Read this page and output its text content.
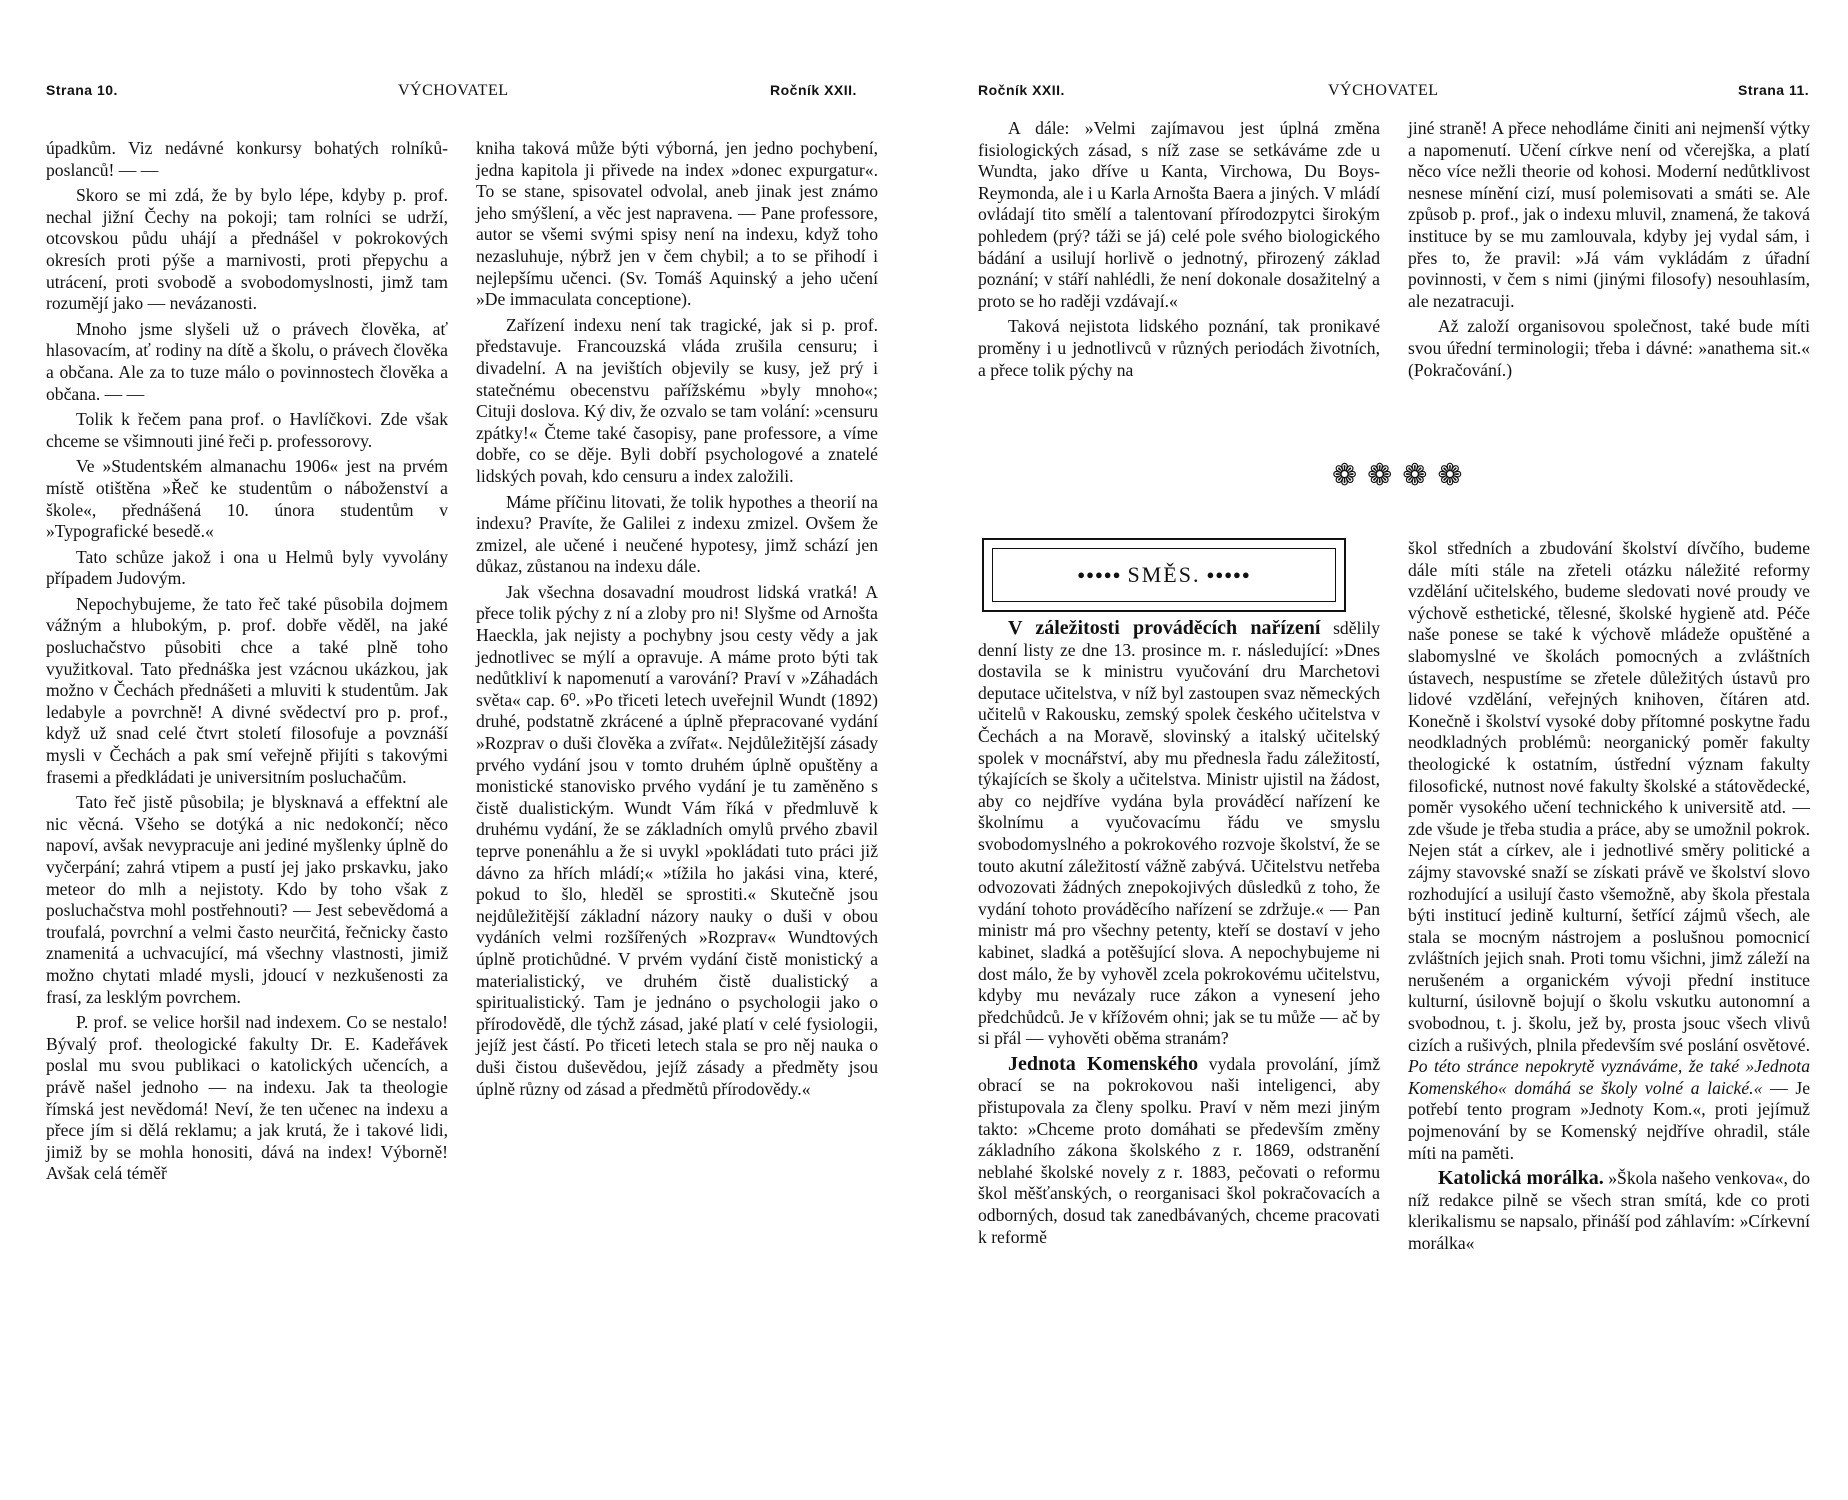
Strana 10.	VÝCHOVATEL	Ročník XXII.

úpadkům. Viz nedávné konkursy bohatých rolníků-poslanců! — —

Skoro se mi zdá, že by bylo lépe, kdyby p. prof. nechal jižní Čechy na pokoji; tam rolníci se udrží, otcovskou půdu uhájí a přednášel v pokrokových okresích proti pýše a marnivosti, proti přepychu a utrácení, proti svobodě a svobodomyslnosti, jimž tam rozumějí jako — nevázanosti.

Mnoho jsme slyšeli už o právech člověka, ať hlasovacím, ať rodiny na dítě a školu, o právech člověka a občana. Ale za to tuze málo o povinnostech člověka a občana. — —

Tolik k řečem pana prof. o Havlíčkovi. Zde však chceme se všimnouti jiné řeči p. professorovy.

Ve »Studentském almanachu 1906« jest na prvém místě otištěna »Řeč ke studentům o náboženství a škole«, přednášená 10. února studentům v »Typografické besedě.«

Tato schůze jakož i ona u Helmů byly vyvolány případem Judovým.

Nepochybujeme, že tato řeč také působila dojmem vážným a hlubokým, p. prof. dobře věděl, na jaké posluchačstvo působiti chce a také plně toho využitkoval. Tato přednáška jest vzácnou ukázkou, jak možno v Čechách přednášeti a mluviti k studentům. Jak ledabyle a povrchně! A divné svědectví pro p. prof., když už snad celé čtvrt století filosofuje a povznáší mysli v Čechách a pak smí veřejně přijíti s takovými frasemi a předkládati je universitním posluchačům.

Tato řeč jistě působila; je blysknavá a effektní ale nic věcná. Všeho se dotýká a nic nedokončí; něco napoví, avšak nevypracuje ani jediné myšlenky úplně do vyčerpání; zahrá vtipem a pustí jej jako prskavku, jako meteor do mlh a nejistoty. Kdo by toho však z posluchačstva mohl postřehnouti? — Jest sebevědomá a troufalá, povrchní a velmi často neurčitá, řečnicky často znamenitá a uchvacující, má všechny vlastnosti, jimiž možno chytati mladé mysli, jdoucí v nezkušenosti za frasí, za lesklým povrchem.

P. prof. se velice horšil nad indexem. Co se nestalo! Bývalý prof. theologické fakulty Dr. E. Kadeřávek poslal mu svou publikaci o katolických učencích, a právě našel jednoho — na indexu. Jak ta theologie římská jest nevědomá! Neví, že ten učenec na indexu a přece jím si dělá reklamu; a jak krutá, že i takové lidi, jimiž by se mohla honositi, dává na index! Výborně! Avšak celá téměř

kniha taková může býti výborná, jen jedno pochybení, jedna kapitola ji přivede na index »donec expurgatur«. To se stane, spisovatel odvolal, aneb jinak jest známo jeho smýšlení, a věc jest napravena. — Pane professore, autor se všemi svými spisy není na indexu, když toho nezasluhuje, nýbrž jen v čem chybil; a to se přihodí i nejlepšímu učenci. (Sv. Tomáš Aquinský a jeho učení »De immaculata conceptione).

Zařízení indexu není tak tragické, jak si p. prof. představuje. Francouzská vláda zrušila censuru; i divadelní. A na jevištích objevily se kusy, jež prý i statečnému obecenstvu pařížskému »byly mnoho«; Cituji doslova. Ký div, že ozvalo se tam volání: »censuru zpátky!« Čteme také časopisy, pane professore, a víme dobře, co se děje. Byli dobří psychologové a znatelé lidských povah, kdo censuru a index založili.

Máme příčinu litovati, že tolik hypothes a theorií na indexu? Pravíte, že Galilei z indexu zmizel. Ovšem že zmizel, ale učené i neučené hypotesy, jimž schází jen důkaz, zůstanou na indexu dále.

Jak všechna dosavadní moudrost lidská vratká! A přece tolik pýchy z ní a zloby pro ni! Slyšme od Arnošta Haeckla, jak nejisty a pochybny jsou cesty vědy a jak jednotlivec se mýlí a opravuje. A máme proto býti tak nedůtkliví k napomenutí a varování? Praví v »Záhadách světa« cap. 6⁰. »Po třiceti letech uveřejnil Wundt (1892) druhé, podstatně zkrácené a úplně přepracované vydání »Rozprav o duši člověka a zvířat«. Nejdůležitější zásady prvého vydání jsou v tomto druhém úplně opuštěny a monistické stanovisko prvého vydání je tu zaměněno s čistě dualistickým. Wundt Vám říká v předmluvě k druhému vydání, že se základních omylů prvého zbavil teprve ponenáhlu a že si uvykl »pokládati tuto práci již dávno za hřích mládí;« »tížila ho jakási vina, které, pokud to šlo, hleděl se sprostiti.« Skutečně jsou nejdůležitější základní názory nauky o duši v obou vydáních velmi rozšířených »Rozprav« Wundtových úplně protichůdné. V prvém vydání čistě monistický a materialistický, ve druhém čistě dualistický a spiritualistický. Tam je jednáno o psychologii jako o přírodovědě, dle týchž zásad, jaké platí v celé fysiologii, jejíž jest částí. Po třiceti letech stala se pro něj nauka o duši čistou duševědou, jejíž zásady a předměty jsou úplně různy od zásad a předmětů přírodovědy.«

Ročník XXII.	VÝCHOVATEL	Strana 11.

A dále: »Velmi zajímavou jest úplná změna fisiologických zásad, s níž zase se setkáváme zde u Wundta, jako dříve u Kanta, Virchowa, Du Boys-Reymonda, ale i u Karla Arnošta Baera a jiných. V mládí ovládají tito smělí a talentovaní přírodozpytci širokým pohledem (prý? táži se já) celé pole svého biologického bádání a usilují horlivě o jednotný, přirozený základ poznání; v stáří nahlédli, že není dokonale dosažitelný a proto se ho raději vzdávají.«

Taková nejistota lidského poznání, tak pronikavé proměny i u jednotlivců v různých periodách životních, a přece tolik pýchy na

jiné straně! A přece nehodláme činiti ani nejmenší výtky a napomenutí. Učení církve není od včerejška, a platí něco více nežli theorie od kohosi. Moderní nedůtklivost nesnese mínění cizí, musí polemisovati a smáti se. Ale způsob p. prof., jak o indexu mluvil, znamená, že taková instituce by se mu zamlouvala, kdyby jej vydal sám, i přes to, že pravil: »Já vám vykládám z úřadní povinnosti, v čem s nimi (jinými filosofy) nesouhlasím, ale nezatracuji.

Až založí organisovou společnost, také bude míti svou úřední terminologii; třeba i dávné: »anathema sit.« (Pokračování.)

❁❁❁❁
●●●●● SMĚS. ●●●●●

V záležitosti prováděcích nařízení sdělily denní listy ze dne 13. prosince m. r. následující: »Dnes dostavila se k ministru vyučování dru Marchetovi deputace učitelstva, v níž byl zastoupen svaz německých učitelů v Rakousku, zemský spolek českého učitelstva v Čechách a na Moravě, slovinský a italský učitelský spolek v mocnářství, aby mu přednesla řadu záležitostí, týkajících se školy a učitelstva. Ministr ujistil na žádost, aby co nejdříve vydána byla prováděcí nařízení ke školnímu a vyučovacímu řádu ve smyslu svobodomyslného a pokrokového rozvoje školství, že se touto akutní záležitostí vážně zabývá. Učitelstvu netřeba odvozovati žádných znepokojivých důsledků z toho, že vydání tohoto prováděcího nařízení se zdržuje.« — Pan ministr má pro všechny petenty, kteří se dostaví v jeho kabinet, sladká a potěšující slova. A nepochybujeme ni dost málo, že by vyhověl zcela pokrokovému učitelstvu, kdyby mu nevázaly ruce zákon a vynesení jeho předchůdců. Je v křížovém ohni; jak se tu může — ač by si přál — vyhověti oběma stranám?

Jednota Komenského vydala provolání, jímž obrací se na pokrokovou naši inteligenci, aby přistupovala za členy spolku. Praví v něm mezi jiným takto: »Chceme proto domáhati se především změny základního zákona školského z r. 1869, odstranění neblahé školské novely z r. 1883, pečovati o reformu škol měšťanských, o reorganisaci škol pokračovacích a odborných, dosud tak zanedbávaných, chceme pracovati k reformě

škol středních a zbudování školství dívčího, budeme dále míti stále na zřeteli otázku náležité reformy vzdělání učitelského, budeme sledovati nové proudy ve výchově esthetické, tělesné, školské hygieně atd. Péče naše ponese se také k výchově mládeže opuštěné a slabomyslné ve školách pomocných a zvláštních ústavech, nespustíme se zřetele důležitých ústavů pro lidové vzdělání, veřejných knihoven, čítáren atd. Konečně i školství vysoké doby přítomné poskytne řadu neodkladných problémů: neorganický poměr fakulty theologické k ostatním, ústřední význam fakulty filosofické, nutnost nové fakulty školské a státovědecké, poměr vysokého učení technického k universitě atd. — zde všude je třeba studia a práce, aby se umožnil pokrok. Nejen stát a církev, ale i jednotlivé směry politické a zájmy stavovské snaží se získati právě ve školství slovo rozhodující a usilují často všemožně, aby škola přestala býti institucí jedině kulturní, šetřící zájmů všech, ale stala se mocným nástrojem a poslušnou pomocnicí zvláštních jejich snah. Proti tomu všichni, jimž záleží na nerušeném a organickém vývoji přední instituce kulturní, úsilovně bojují o školu vskutku autonomní a svobodnou, t. j. školu, jež by, prosta jsouc všech vlivů cizích a rušivých, plnila především své poslání osvětové. Po této stránce nepokrytě vyznáváme, že také »Jednota Komenského« domáhá se školy volné a laické.« — Je potřebí tento program »Jednoty Kom.«, proti jejímuž pojmenování by se Komenský nejdříve ohradil, stále míti na paměti.

Katolická morálka. »Škola našeho venkova«, do níž redakce pilně se všech stran smítá, kde co proti klerikalismu se napsalo, přináší pod záhlavím: »Církevní morálka«
